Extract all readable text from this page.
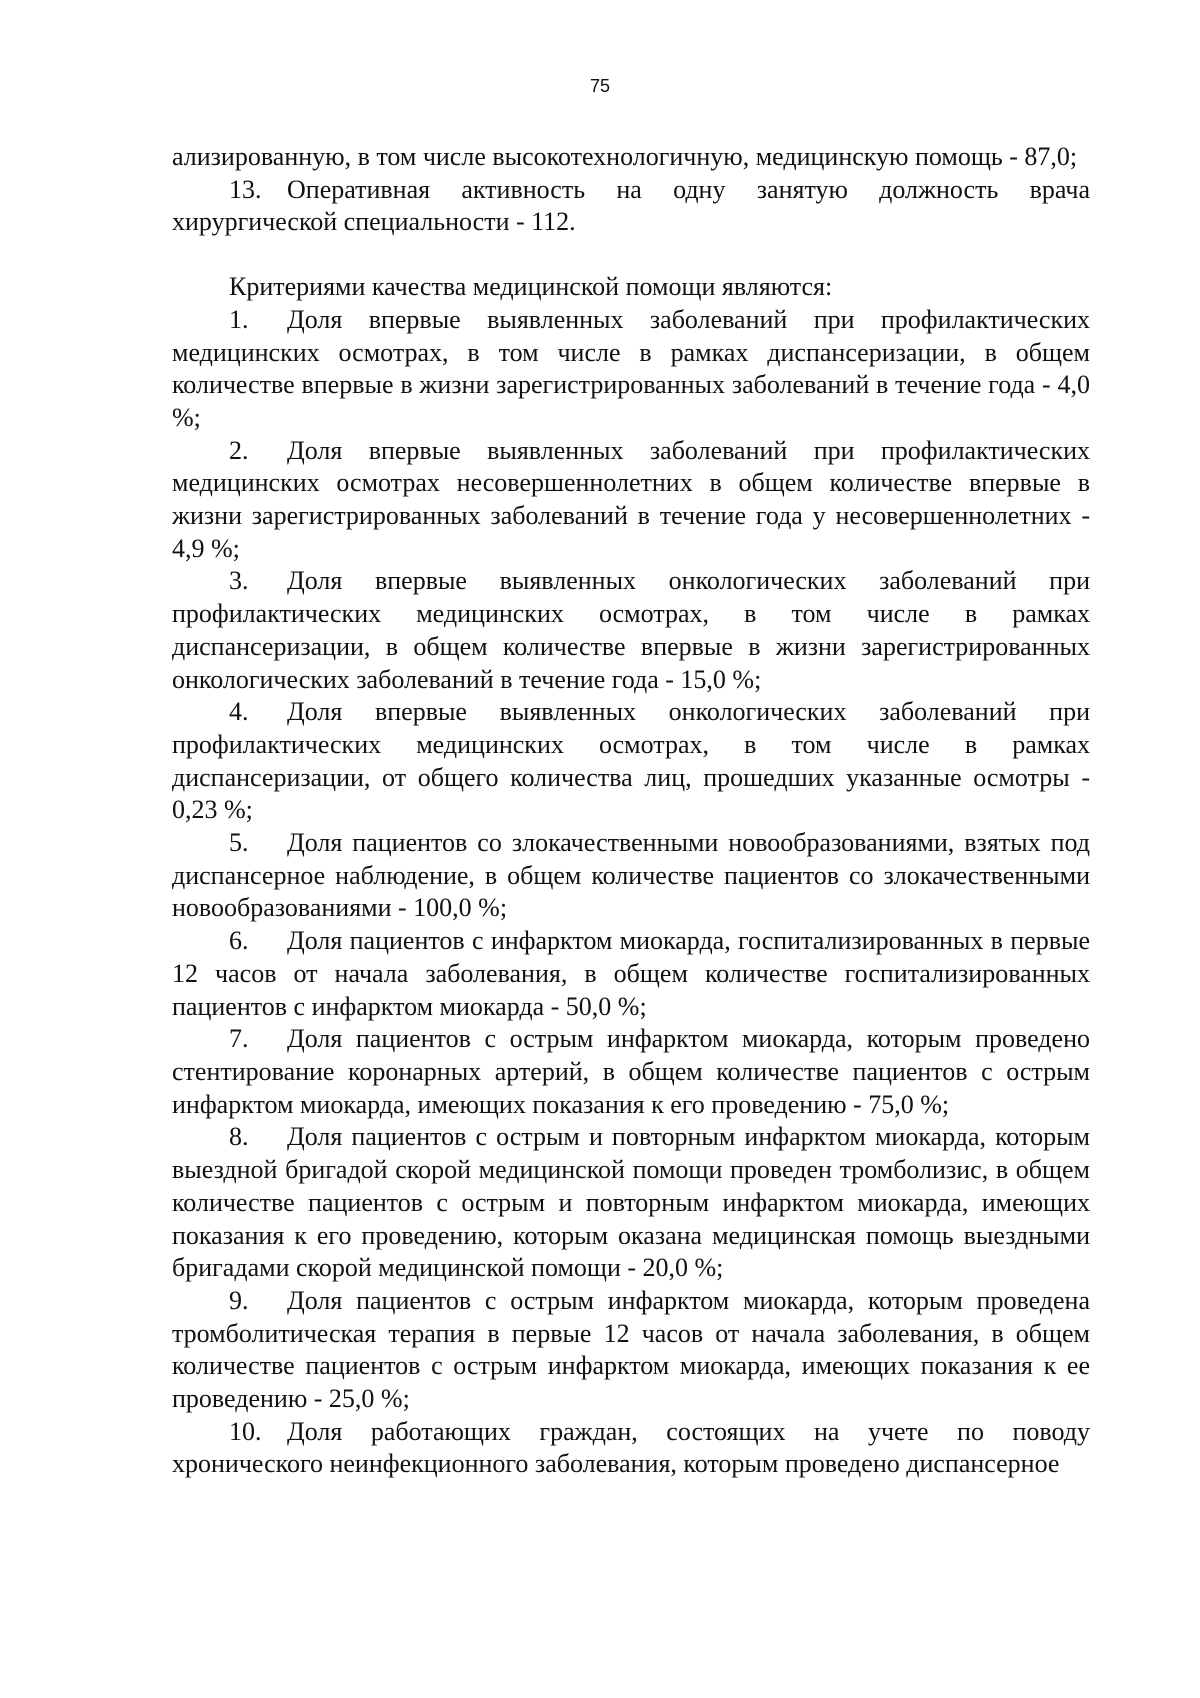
75

ализированную, в том числе высокотехнологичную, медицинскую помощь - 87,0;

13. Оперативная активность на одну занятую должность врача хирургической специальности - 112.

Критериями качества медицинской помощи являются:

1. Доля впервые выявленных заболеваний при профилактических медицинских осмотрах, в том числе в рамках диспансеризации, в общем количестве впервые в жизни зарегистрированных заболеваний в течение года - 4,0 %;

2. Доля впервые выявленных заболеваний при профилактических медицинских осмотрах несовершеннолетних в общем количестве впервые в жизни зарегистрированных заболеваний в течение года у несовершеннолетних - 4,9 %;

3. Доля впервые выявленных онкологических заболеваний при профилактических медицинских осмотрах, в том числе в рамках диспансеризации, в общем количестве впервые в жизни зарегистрированных онкологических заболеваний в течение года - 15,0 %;

4. Доля впервые выявленных онкологических заболеваний при профилактических медицинских осмотрах, в том числе в рамках диспансеризации, от общего количества лиц, прошедших указанные осмотры - 0,23 %;

5. Доля пациентов со злокачественными новообразованиями, взятых под диспансерное наблюдение, в общем количестве пациентов со злокачественными новообразованиями - 100,0 %;

6. Доля пациентов с инфарктом миокарда, госпитализированных в первые 12 часов от начала заболевания, в общем количестве госпитализированных пациентов с инфарктом миокарда - 50,0 %;

7. Доля пациентов с острым инфарктом миокарда, которым проведено стентирование коронарных артерий, в общем количестве пациентов с острым инфарктом миокарда, имеющих показания к его проведению - 75,0 %;

8. Доля пациентов с острым и повторным инфарктом миокарда, которым выездной бригадой скорой медицинской помощи проведен тромболизис, в общем количестве пациентов с острым и повторным инфарктом миокарда, имеющих показания к его проведению, которым оказана медицинская помощь выездными бригадами скорой медицинской помощи - 20,0 %;

9. Доля пациентов с острым инфарктом миокарда, которым проведена тромболитическая терапия в первые 12 часов от начала заболевания, в общем количестве пациентов с острым инфарктом миокарда, имеющих показания к ее проведению - 25,0 %;

10. Доля работающих граждан, состоящих на учете по поводу хронического неинфекционного заболевания, которым проведено диспансерное
